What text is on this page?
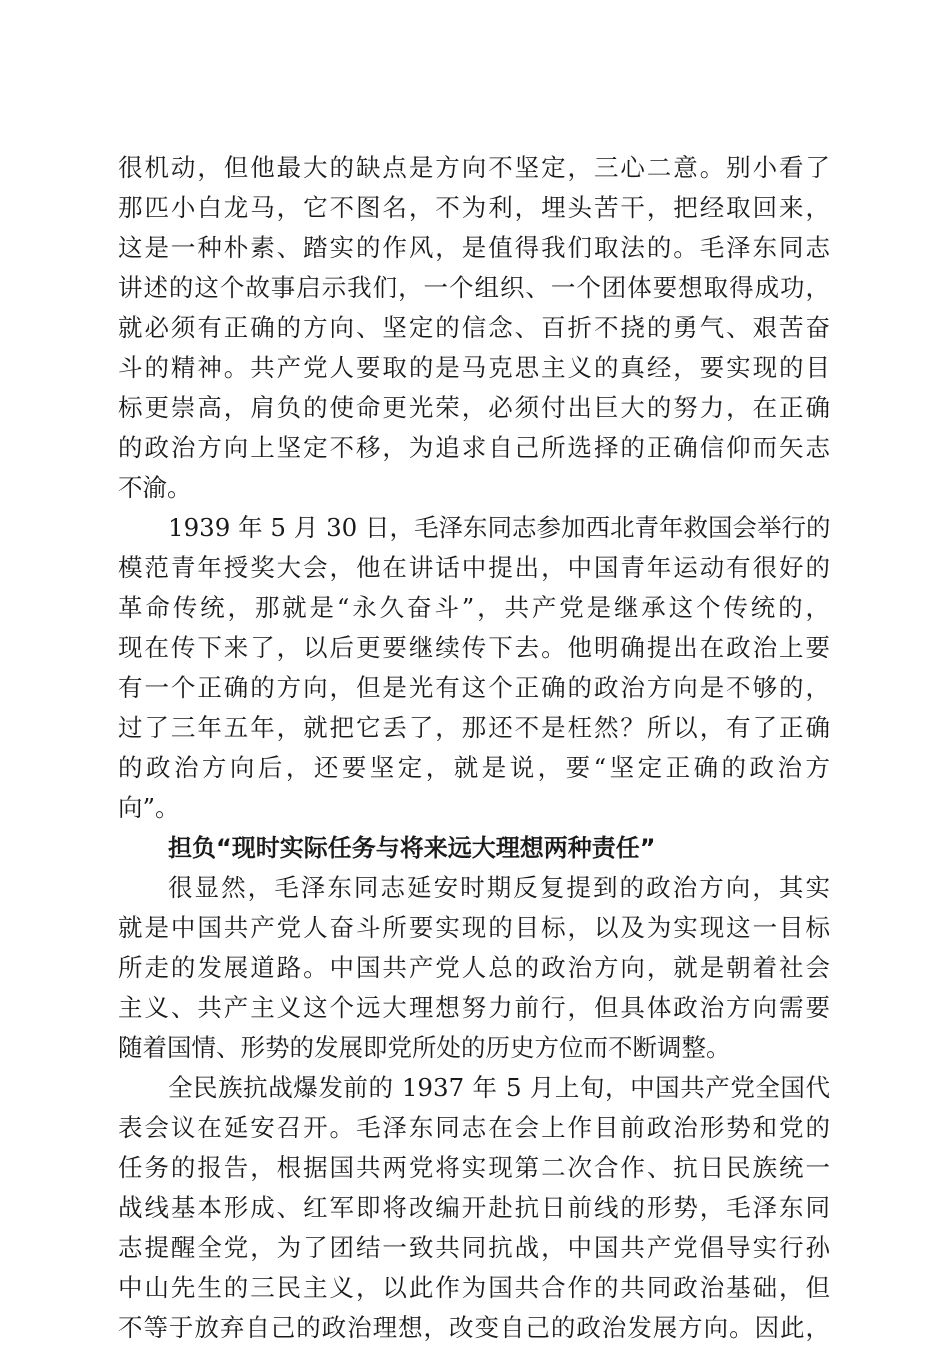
很机动，但他最大的缺点是方向不坚定，三心二意。别小看了
那匹小白龙马，它不图名，不为利，埋头苦干，把经取回来，
这是一种朴素、踏实的作风，是值得我们取法的。毛泽东同志
讲述的这个故事启示我们，一个组织、一个团体要想取得成功，
就必须有正确的方向、坚定的信念、百折不挠的勇气、艰苦奋
斗的精神。共产党人要取的是马克思主义的真经，要实现的目
标更崇高，肩负的使命更光荣，必须付出巨大的努力，在正确
的政治方向上坚定不移，为追求自己所选择的正确信仰而矢志
不渝。
1939 年 5 月 30 日，毛泽东同志参加西北青年救国会举行的
模范青年授奖大会，他在讲话中提出，中国青年运动有很好的
革命传统，那就是“永久奋斗”，共产党是继承这个传统的，
现在传下来了，以后更要继续传下去。他明确提出在政治上要
有一个正确的方向，但是光有这个正确的政治方向是不够的，
过了三年五年，就把它丢了，那还不是枉然？所以，有了正确
的政治方向后，还要坚定，就是说，要“坚定正确的政治方
向”。
担负“现时实际任务与将来远大理想两种责任”
很显然，毛泽东同志延安时期反复提到的政治方向，其实
就是中国共产党人奋斗所要实现的目标，以及为实现这一目标
所走的发展道路。中国共产党人总的政治方向，就是朝着社会
主义、共产主义这个远大理想努力前行，但具体政治方向需要
随着国情、形势的发展即党所处的历史方位而不断调整。
全民族抗战爆发前的 1937 年 5 月上旬，中国共产党全国代
表会议在延安召开。毛泽东同志在会上作目前政治形势和党的
任务的报告，根据国共两党将实现第二次合作、抗日民族统一
战线基本形成、红军即将改编开赴抗日前线的形势，毛泽东同
志提醒全党，为了团结一致共同抗战，中国共产党倡导实行孙
中山先生的三民主义，以此作为国共合作的共同政治基础，但
不等于放弃自己的政治理想，改变自己的政治发展方向。因此，
